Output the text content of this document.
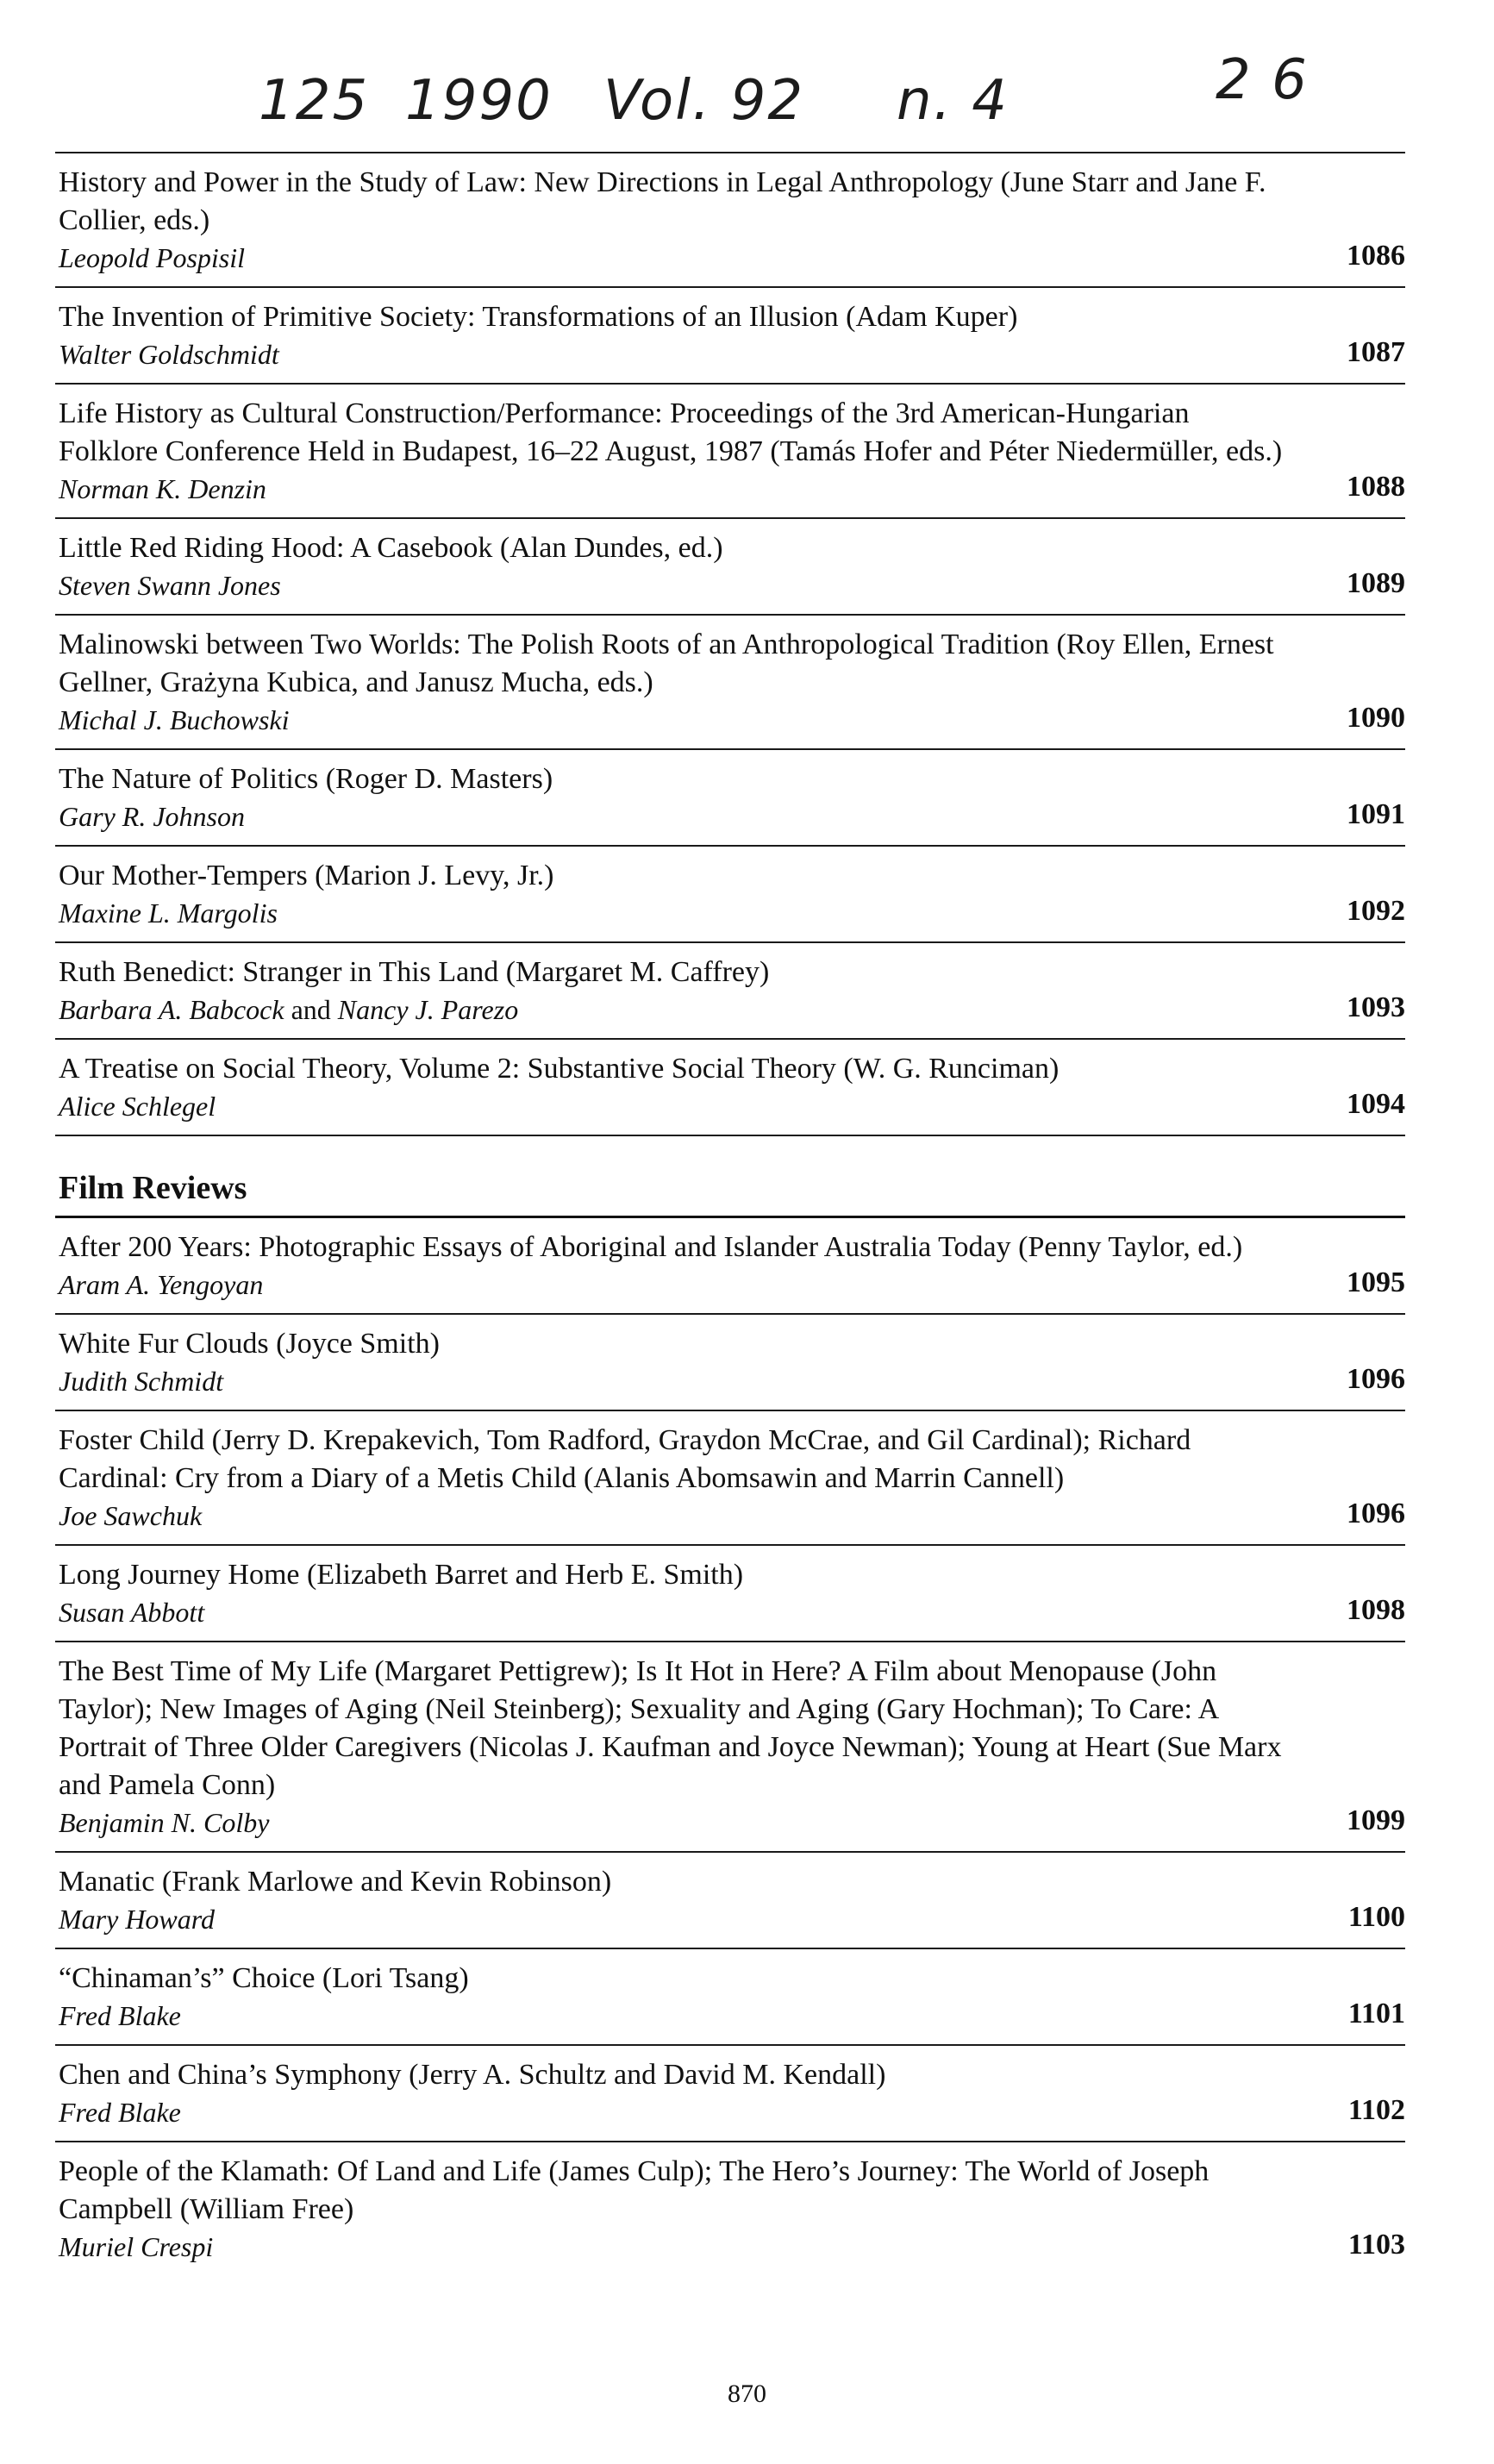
125 1990 Vol. 92 n. 4	2 6
History and Power in the Study of Law: New Directions in Legal Anthropology (June Starr and Jane F. Collier, eds.)
Leopold Pospisil	1086
The Invention of Primitive Society: Transformations of an Illusion (Adam Kuper)
Walter Goldschmidt	1087
Life History as Cultural Construction/Performance: Proceedings of the 3rd American-Hungarian Folklore Conference Held in Budapest, 16–22 August, 1987 (Tamás Hofer and Péter Niedermüller, eds.)
Norman K. Denzin	1088
Little Red Riding Hood: A Casebook (Alan Dundes, ed.)
Steven Swann Jones	1089
Malinowski between Two Worlds: The Polish Roots of an Anthropological Tradition (Roy Ellen, Ernest Gellner, Grażyna Kubica, and Janusz Mucha, eds.)
Michal J. Buchowski	1090
The Nature of Politics (Roger D. Masters)
Gary R. Johnson	1091
Our Mother-Tempers (Marion J. Levy, Jr.)
Maxine L. Margolis	1092
Ruth Benedict: Stranger in This Land (Margaret M. Caffrey)
Barbara A. Babcock and Nancy J. Parezo	1093
A Treatise on Social Theory, Volume 2: Substantive Social Theory (W. G. Runciman)
Alice Schlegel	1094
Film Reviews
After 200 Years: Photographic Essays of Aboriginal and Islander Australia Today (Penny Taylor, ed.)
Aram A. Yengoyan	1095
White Fur Clouds (Joyce Smith)
Judith Schmidt	1096
Foster Child (Jerry D. Krepakevich, Tom Radford, Graydon McCrae, and Gil Cardinal); Richard Cardinal: Cry from a Diary of a Metis Child (Alanis Abomsawin and Marrin Cannell)
Joe Sawchuk	1096
Long Journey Home (Elizabeth Barret and Herb E. Smith)
Susan Abbott	1098
The Best Time of My Life (Margaret Pettigrew); Is It Hot in Here? A Film about Menopause (John Taylor); New Images of Aging (Neil Steinberg); Sexuality and Aging (Gary Hochman); To Care: A Portrait of Three Older Caregivers (Nicolas J. Kaufman and Joyce Newman); Young at Heart (Sue Marx and Pamela Conn)
Benjamin N. Colby	1099
Manatic (Frank Marlowe and Kevin Robinson)
Mary Howard	1100
“Chinaman’s” Choice (Lori Tsang)
Fred Blake	1101
Chen and China’s Symphony (Jerry A. Schultz and David M. Kendall)
Fred Blake	1102
People of the Klamath: Of Land and Life (James Culp); The Hero’s Journey: The World of Joseph Campbell (William Free)
Muriel Crespi	1103
870
